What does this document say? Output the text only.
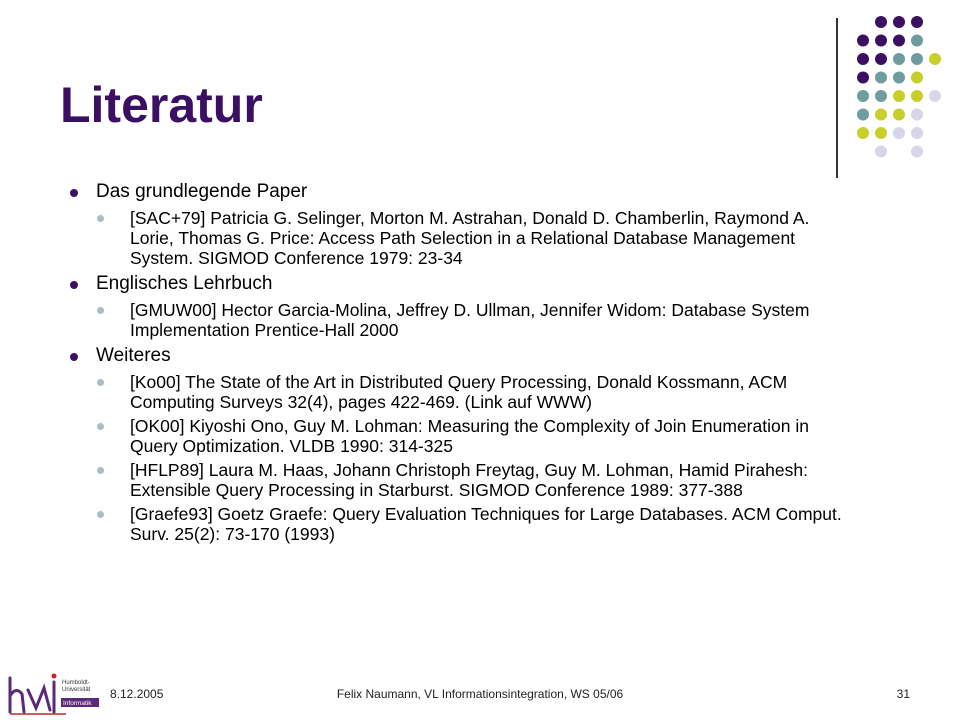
Literatur
Das grundlegende Paper
[SAC+79] Patricia G. Selinger, Morton M. Astrahan, Donald D. Chamberlin, Raymond A. Lorie, Thomas G. Price: Access Path Selection in a Relational Database Management System. SIGMOD Conference 1979: 23-34
Englisches Lehrbuch
[GMUW00] Hector Garcia-Molina, Jeffrey D. Ullman, Jennifer Widom: Database System Implementation Prentice-Hall 2000
Weiteres
[Ko00] The State of the Art in Distributed Query Processing, Donald Kossmann, ACM Computing Surveys 32(4), pages 422-469. (Link auf WWW)
[OK00] Kiyoshi Ono, Guy M. Lohman: Measuring the Complexity of Join Enumeration in Query Optimization. VLDB 1990: 314-325
[HFLP89] Laura M. Haas, Johann Christoph Freytag, Guy M. Lohman, Hamid Pirahesh: Extensible Query Processing in Starburst. SIGMOD Conference 1989: 377-388
[Graefe93] Goetz Graefe: Query Evaluation Techniques for Large Databases. ACM Comput. Surv. 25(2): 73-170 (1993)
Humboldt-
Universität
Informatik
8.12.2005	Felix Naumann, VL Informationsintegration, WS 05/06	31
